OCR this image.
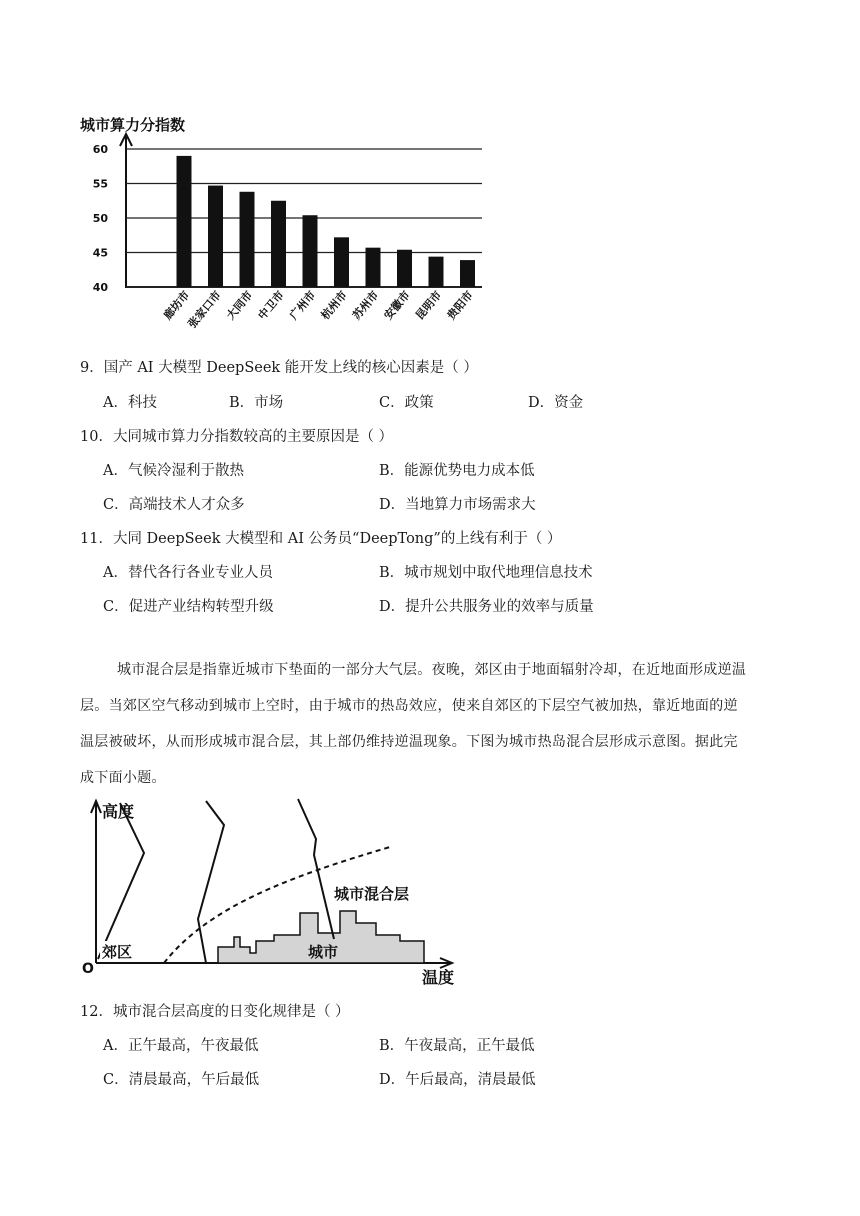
城市算力分指数
40
45
50
55
60
廊坊市
张家口市 大同市 中卫市 广州市 杭州市 苏州市 安徽市 昆明市 贵阳市
9．国产 AI 大模型 DeepSeek 能开发上线的核心因素是（ ）
A．科技	B．市场	C．政策	D．资金
10．大同城市算力分指数较高的主要原因是（ ）
A．气候冷湿利于散热	B．能源优势电力成本低
C．高端技术人才众多	D．当地算力市场需求大
11．大同 DeepSeek 大模型和 AI 公务员“DeepTong”的上线有利于（ ）
A．替代各行各业专业人员	B．城市规划中取代地理信息技术
C．促进产业结构转型升级	D．提升公共服务业的效率与质量
城市混合层是指靠近城市下垫面的一部分大气层。夜晚，郊区由于地面辐射冷却，在近地面形成逆温
层。当郊区空气移动到城市上空时，由于城市的热岛效应，使来自郊区的下层空气被加热，靠近地面的逆
温层被破坏，从而形成城市混合层，其上部仍维持逆温现象。下图为城市热岛混合层形成示意图。据此完
成下面小题。
高度
温度
O
郊区	城市
城市混合层
12．城市混合层高度的日变化规律是（ ）
A．正午最高，午夜最低	B．午夜最高，正午最低
C．清晨最高，午后最低	D．午后最高，清晨最低
